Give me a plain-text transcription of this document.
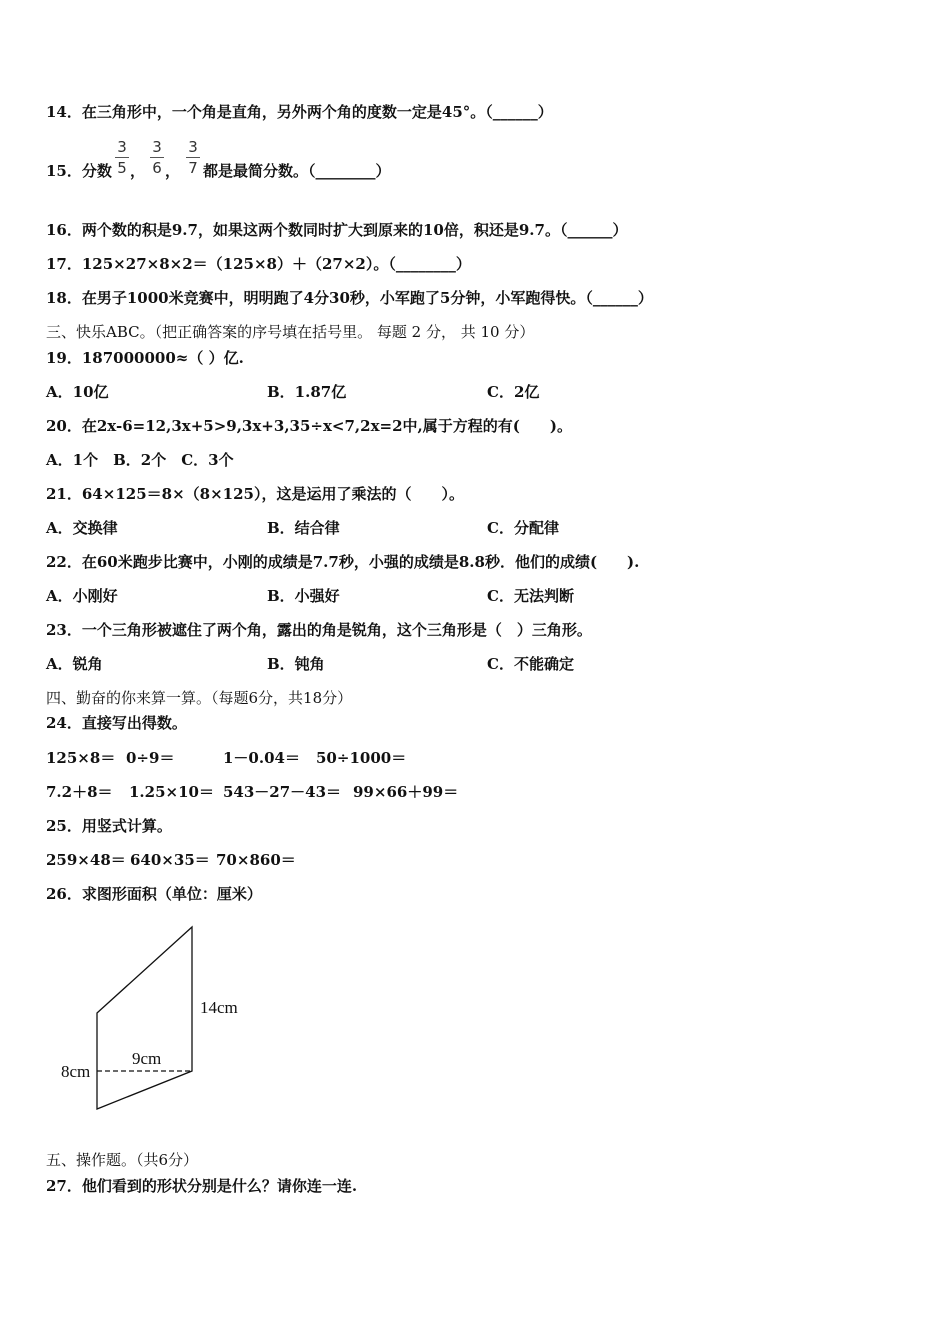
14．在三角形中，一个角是直角，另外两个角的度数一定是45°。（______）
15．分数
3
5 ，
3
6 ，
3
7 都是最简分数。（________）
16．两个数的积是9.7，如果这两个数同时扩大到原来的10倍，积还是9.7。（______）
17．125×27×8×2＝（125×8）＋（27×2）。（________）
18．在男子1000米竞赛中，明明跑了4分30秒，小军跑了5分钟，小军跑得快。（______）
三、快乐ABC。（把正确答案的序号填在括号里。 每题 2 分， 共 10 分）
19．187000000≈（ ）亿.
A．10亿	B．1.87亿	C．2亿
20．在2x-6=12,3x+5>9,3x+3,35÷x<7,2x=2中,属于方程的有(　　)。
A．1个　B．2个　C．3个
21．64×125＝8×（8×125），这是运用了乘法的（　　）。
A．交换律	B．结合律	C．分配律
22．在60米跑步比赛中，小刚的成绩是7.7秒，小强的成绩是8.8秒．他们的成绩(　　).
A．小刚好	B．小强好	C．无法判断
23．一个三角形被遮住了两个角，露出的角是锐角，这个三角形是（　）三角形。
A．锐角	B．钝角	C．不能确定
四、勤奋的你来算一算。（每题6分，共18分）
24．直接写出得数。
125×8＝ 0÷9＝	1－0.04＝ 50÷1000＝
7.2＋8＝ 1.25×10＝ 543－27－43＝ 99×66＋99＝
25．用竖式计算。
259×48＝ 640×35＝ 70×860＝
26．求图形面积（单位：厘米）
14cm
9cm
8cm
五、操作题。（共6分）
27．他们看到的形状分别是什么？请你连一连.
